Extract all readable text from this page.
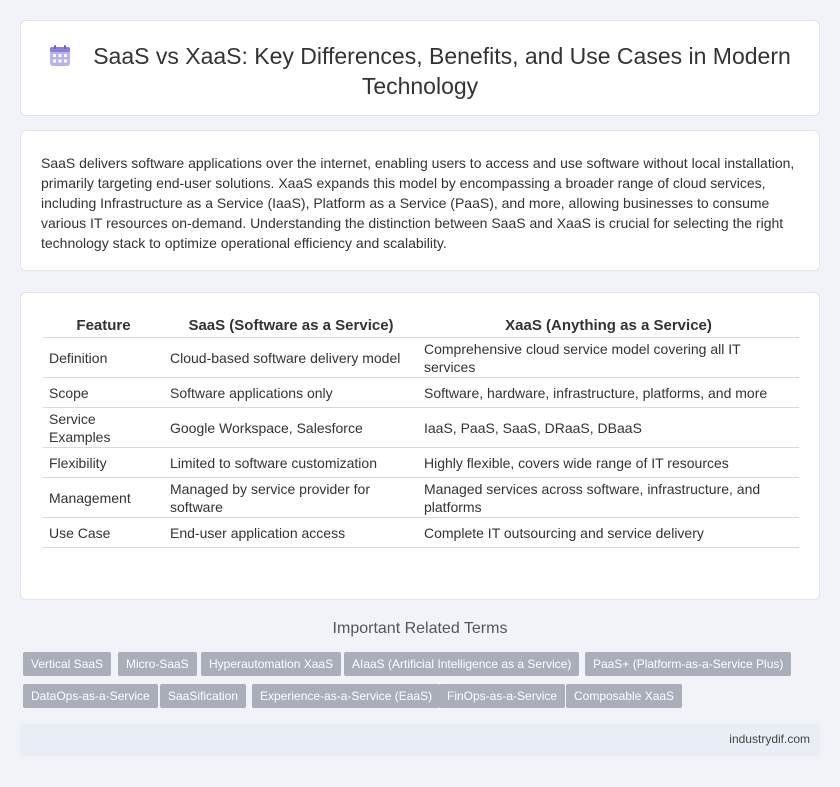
SaaS vs XaaS: Key Differences, Benefits, and Use Cases in Modern Technology

SaaS delivers software applications over the internet, enabling users to access and use software without local installation, primarily targeting end-user solutions. XaaS expands this model by encompassing a broader range of cloud services, including Infrastructure as a Service (IaaS), Platform as a Service (PaaS), and more, allowing businesses to consume various IT resources on-demand. Understanding the distinction between SaaS and XaaS is crucial for selecting the right technology stack to optimize operational efficiency and scalability.

Feature	SaaS (Software as a Service)	XaaS (Anything as a Service)
Definition	Cloud-based software delivery model	Comprehensive cloud service model covering all IT services
Scope	Software applications only	Software, hardware, infrastructure, platforms, and more
Service Examples	Google Workspace, Salesforce	IaaS, PaaS, SaaS, DRaaS, DBaaS
Flexibility	Limited to software customization	Highly flexible, covers wide range of IT resources
Management	Managed by service provider for software	Managed services across software, infrastructure, and platforms
Use Case	End-user application access	Complete IT outsourcing and service delivery
Important Related Terms
Vertical SaaS	Micro-SaaS	Hyperautomation XaaS	AIaaS (Artificial Intelligence as a Service)	PaaS+ (Platform-as-a-Service Plus)
DataOps-as-a-Service	SaaSification	Experience-as-a-Service (EaaS)	FinOps-as-a-Service	Composable XaaS
industrydif.com
